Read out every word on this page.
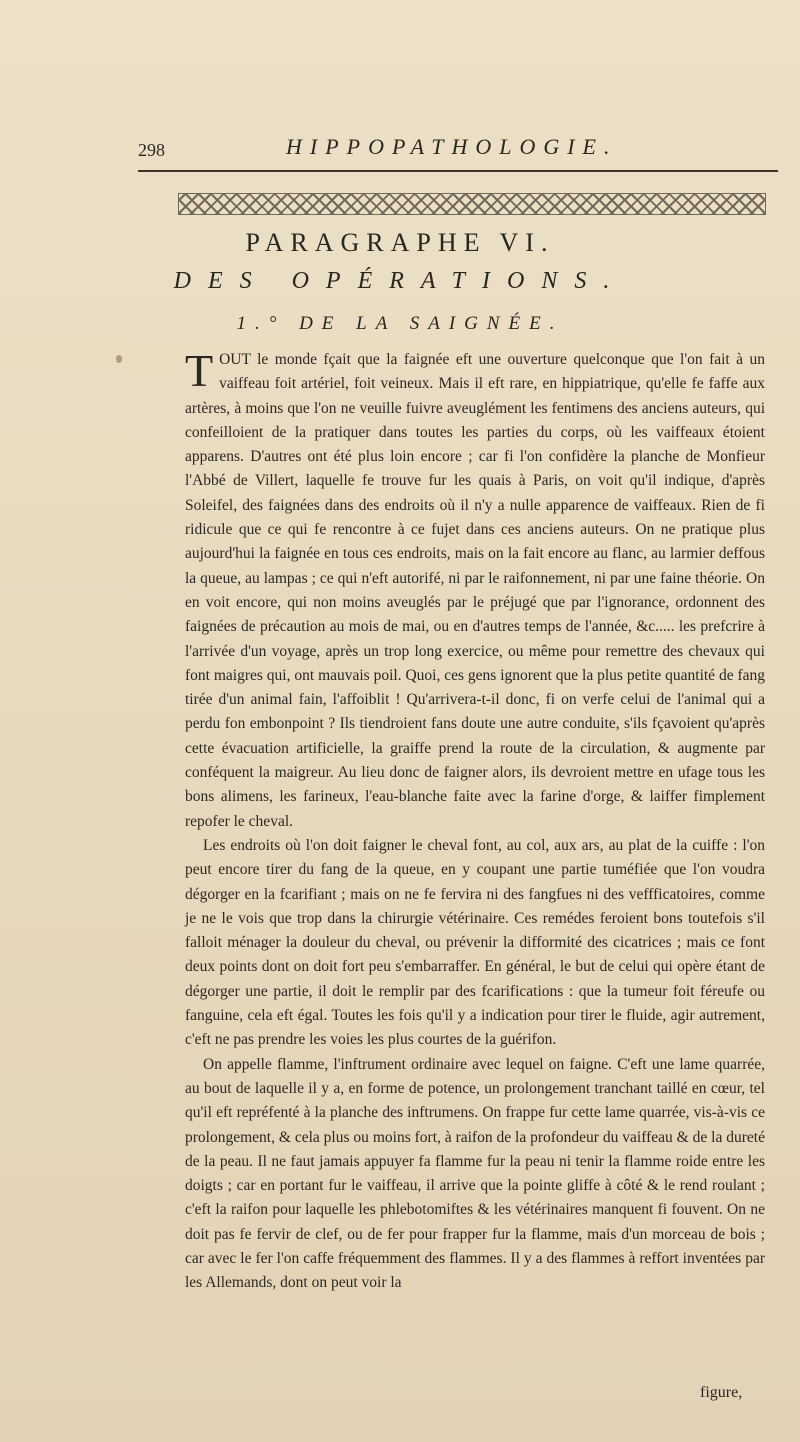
298	HIPPOPATHOLOGIE.
PARAGRAPHE VI.
DES OPÉRATIONS.
1.° DE LA SAIGNÉE.

TOUT le monde fçait que la faignée eft une ouverture quelconque que l'on fait à un vaiffeau foit artériel, foit veineux. Mais il eft rare, en hippiatrique, qu'elle fe faffe aux artères, à moins que l'on ne veuille fuivre aveuglément les fentimens des anciens auteurs, qui confeilloient de la pratiquer dans toutes les parties du corps, où les vaiffeaux étoient apparens. D'autres ont été plus loin encore ; car fi l'on confidère la planche de Monfieur l'Abbé de Villert, laquelle fe trouve fur les quais à Paris, on voit qu'il indique, d'après Soleifel, des faignées dans des endroits où il n'y a nulle apparence de vaiffeaux. Rien de fi ridicule que ce qui fe rencontre à ce fujet dans ces anciens auteurs. On ne pratique plus aujourd'hui la faignée en tous ces endroits, mais on la fait encore au flanc, au larmier deffous la queue, au lampas ; ce qui n'eft autorifé, ni par le raifonnement, ni par une faine théorie. On en voit encore, qui non moins aveuglés par le préjugé que par l'ignorance, ordonnent des faignées de précaution au mois de mai, ou en d'autres temps de l'année, &c..... les prefcrire à l'arrivée d'un voyage, après un trop long exercice, ou même pour remettre des chevaux qui font maigres qui, ont mauvais poil. Quoi, ces gens ignorent que la plus petite quantité de fang tirée d'un animal fain, l'affoiblit ! Qu'arrivera-t-il donc, fi on verfe celui de l'animal qui a perdu fon embonpoint ? Ils tiendroient fans doute une autre conduite, s'ils fçavoient qu'après cette évacuation artificielle, la graiffe prend la route de la circulation, & augmente par conféquent la maigreur. Au lieu donc de faigner alors, ils devroient mettre en ufage tous les bons alimens, les farineux, l'eau-blanche faite avec la farine d'orge, & laiffer fimplement repofer le cheval.

Les endroits où l'on doit faigner le cheval font, au col, aux ars, au plat de la cuiffe : l'on peut encore tirer du fang de la queue, en y coupant une partie tuméfiée que l'on voudra dégorger en la fcarifiant ; mais on ne fe fervira ni des fangfues ni des veffficatoires, comme je ne le vois que trop dans la chirurgie vétérinaire. Ces remédes feroient bons toutefois s'il falloit ménager la douleur du cheval, ou prévenir la difformité des cicatrices ; mais ce font deux points dont on doit fort peu s'embarraffer. En général, le but de celui qui opère étant de dégorger une partie, il doit le remplir par des fcarifications : que la tumeur foit féreufe ou fanguine, cela eft égal. Toutes les fois qu'il y a indication pour tirer le fluide, agir autrement, c'eft ne pas prendre les voies les plus courtes de la guérifon.

On appelle flamme, l'inftrument ordinaire avec lequel on faigne. C'eft une lame quarrée, au bout de laquelle il y a, en forme de potence, un prolongement tranchant taillé en cœur, tel qu'il eft repréfenté à la planche des inftrumens. On frappe fur cette lame quarrée, vis-à-vis ce prolongement, & cela plus ou moins fort, à raifon de la profondeur du vaiffeau & de la dureté de la peau. Il ne faut jamais appuyer fa flamme fur la peau ni tenir la flamme roide entre les doigts ; car en portant fur le vaiffeau, il arrive que la pointe gliffe à côté & le rend roulant ; c'eft la raifon pour laquelle les phlebotomiftes & les vétérinaires manquent fi fouvent. On ne doit pas fe fervir de clef, ou de fer pour frapper fur la flamme, mais d'un morceau de bois ; car avec le fer l'on caffe fréquemment des flammes. Il y a des flammes à reffort inventées par les Allemands, dont on peut voir la

figure,
